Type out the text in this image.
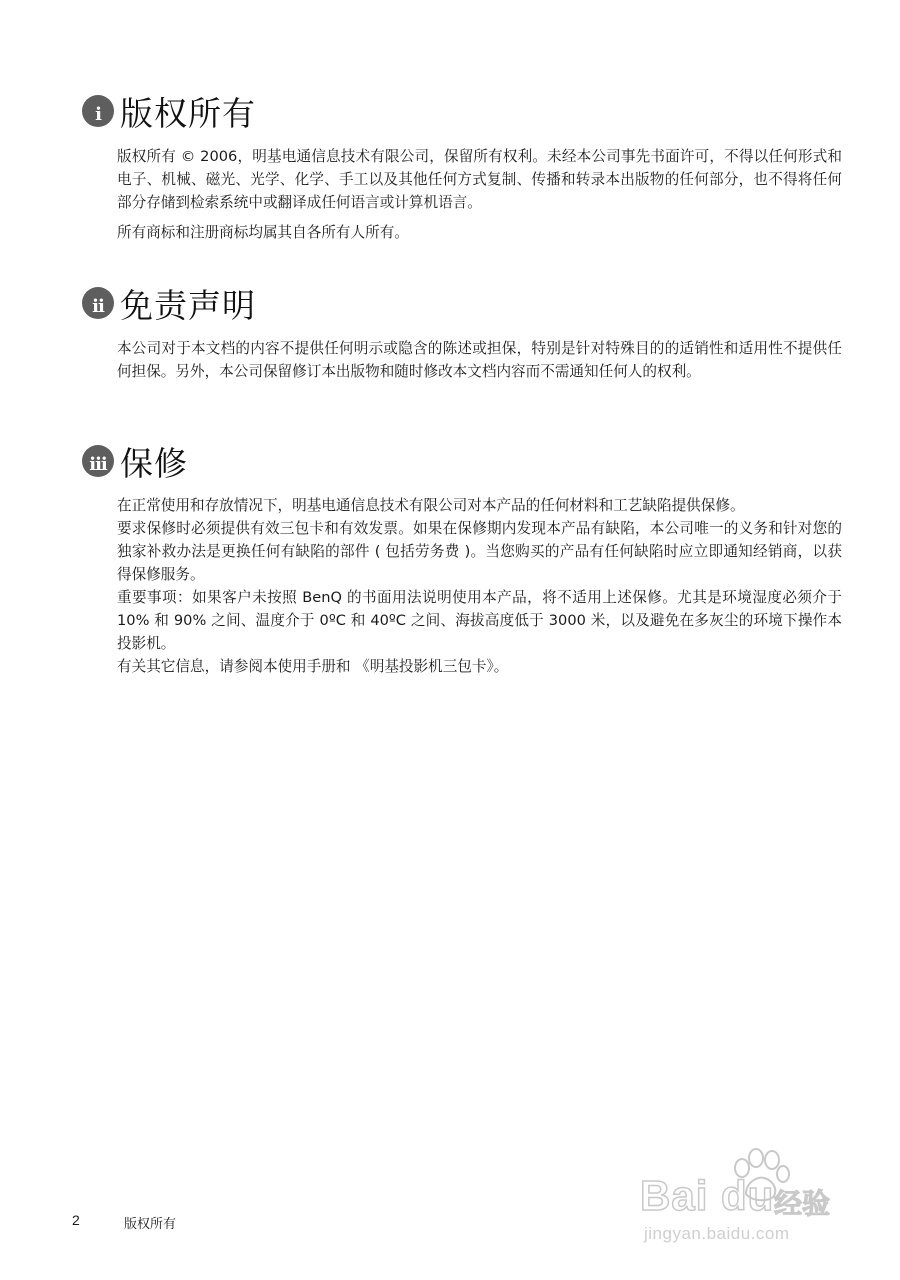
i 版权所有

版权所有 © 2006，明基电通信息技术有限公司，保留所有权利。未经本公司事先书面许可，不得以任何形式和电子、机械、磁光、光学、化学、手工以及其他任何方式复制、传播和转录本出版物的任何部分，也不得将任何部分存储到检索系统中或翻译成任何语言或计算机语言。

所有商标和注册商标均属其自各所有人所有。

ii 免责声明

本公司对于本文档的内容不提供任何明示或隐含的陈述或担保，特别是针对特殊目的的适销性和适用性不提供任何担保。另外，本公司保留修订本出版物和随时修改本文档内容而不需通知任何人的权利。

iii 保修

在正常使用和存放情况下，明基电通信息技术有限公司对本产品的任何材料和工艺缺陷提供保修。

要求保修时必须提供有效三包卡和有效发票。如果在保修期内发现本产品有缺陷，本公司唯一的义务和针对您的独家补救办法是更换任何有缺陷的部件 ( 包括劳务费 )。当您购买的产品有任何缺陷时应立即通知经销商，以获得保修服务。

重要事项：如果客户未按照 BenQ 的书面用法说明使用本产品，将不适用上述保修。尤其是环境湿度必须介于 10% 和 90% 之间、温度介于 0ºC 和 40ºC 之间、海拔高度低于 3000 米，以及避免在多灰尘的环境下操作本投影机。

有关其它信息，请参阅本使用手册和 《明基投影机三包卡》。

2	版权所有
Bai du 经验
jingyan.baidu.com
